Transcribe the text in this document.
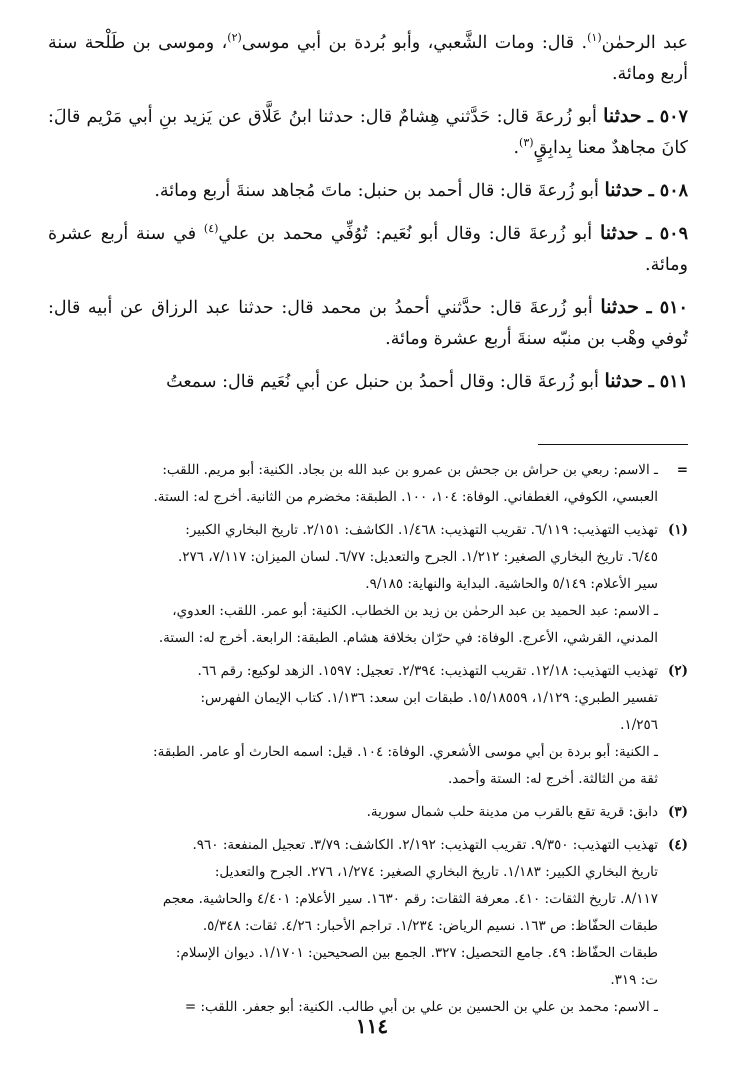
عبد الرحمٰن$^{(١)}$. قال: ومات الشَّعبي، وأبو بُردة بن أبي موسى$^{(٢)}$، وموسى بن طَلْحة سنة أربع ومائة.

٥٠٧ ـ حدثنا أبو زُرعةَ قال: حَدَّثني هِشامٌ قال: حدثنا ابنُ عَلَّاق عن يَزيد بنِ أبي مَرْيم قالَ: كانَ مجاهدٌ معنا بِدابِقٍ$^{(٣)}$.

٥٠٨ ـ حدثنا أبو زُرعةَ قال: قال أحمد بن حنبل: ماتَ مُجاهد سنةَ أربع ومائة.

٥٠٩ ـ حدثنا أبو زُرعةَ قال: وقال أبو نُعَيم: تُوُفِّي محمد بن علي$^{(٤)}$ في سنة أربع عشرة ومائة.

٥١٠ ـ حدثنا أبو زُرعةَ قال: حدَّثني أحمدُ بن محمد قال: حدثنا عبد الرزاق عن أبيه قال: تُوفي وهْب بن منبّه سنةَ أربع عشرة ومائة.

٥١١ ـ حدثنا أبو زُرعةَ قال: وقال أحمدُ بن حنبل عن أبي نُعَيم قال: سمعتُ

=
ـ الاسم: ربعي بن حراش بن جحش بن عمرو بن عبد الله بن بجاد. الكنية: أبو مريم. اللقب:
العبسي، الكوفي، الغطفاني. الوفاة: ١٠٤، ١٠٠. الطبقة: مخضرم من الثانية. أخرج له: الستة.
(١)
تهذيب التهذيب: ٦/١١٩. تقريب التهذيب: ١/٤٦٨. الكاشف: ٢/١٥١. تاريخ البخاري الكبير:
٦/٤٥. تاريخ البخاري الصغير: ١/٢١٢. الجرح والتعديل: ٦/٧٧. لسان الميزان: ٧/١١٧، ٢٧٦.
سير الأعلام: ٥/١٤٩ والحاشية. البداية والنهاية: ٩/١٨٥.
ـ الاسم: عبد الحميد بن عبد الرحمٰن بن زيد بن الخطاب. الكنية: أبو عمر. اللقب: العدوي،
المدني، القرشي، الأعرج. الوفاة: في حرّان بخلافة هشام. الطبقة: الرابعة. أخرج له: الستة.
(٢)
تهذيب التهذيب: ١٢/١٨. تقريب التهذيب: ٢/٣٩٤. تعجيل: ١٥٩٧. الزهد لوكيع: رقم ٦٦.
تفسير الطبري: ١/١٢٩، ١٥/١٨٥٥٩. طبقات ابن سعد: ١/١٣٦. كتاب الإيمان الفهرس:
١/٢٥٦.
ـ الكنية: أبو بردة بن أبي موسى الأشعري. الوفاة: ١٠٤. قيل: اسمه الحارث أو عامر. الطبقة:
ثقة من الثالثة. أخرج له: الستة وأحمد.
(٣)
دابق: قرية تقع بالقرب من مدينة حلب شمال سورية.
(٤)
تهذيب التهذيب: ٩/٣٥٠. تقريب التهذيب: ٢/١٩٢. الكاشف: ٣/٧٩. تعجيل المنفعة: ٩٦٠.
تاريخ البخاري الكبير: ١/١٨٣. تاريخ البخاري الصغير: ١/٢٧٤، ٢٧٦. الجرح والتعديل:
٨/١١٧. تاريخ الثقات: ٤١٠. معرفة الثقات: رقم ١٦٣٠. سير الأعلام: ٤/٤٠١ والحاشية. معجم
طبقات الحفّاظ: ص ١٦٣. نسيم الرياض: ١/٢٣٤. تراجم الأحبار: ٤/٢٦. ثقات: ٥/٣٤٨.
طبقات الحفّاظ: ٤٩. جامع التحصيل: ٣٢٧. الجمع بين الصحيحين: ١/١٧٠١. ديوان الإسلام:
ت: ٣١٩.
ـ الاسم: محمد بن علي بن الحسين بن علي بن أبي طالب. الكنية: أبو جعفر. اللقب: =
١١٤
